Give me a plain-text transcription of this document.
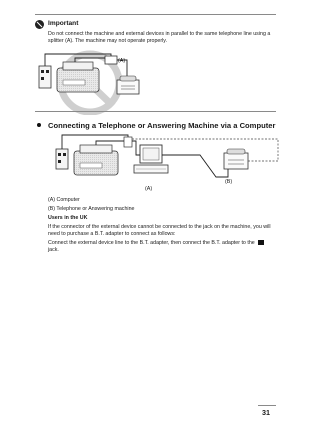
Important
Do not connect the machine and external devices in parallel to the same telephone line using a splitter (A). The machine may not operate properly.
(A)
Connecting a Telephone or Answering Machine via a Computer
(A)
(B)
(A) Computer
(B) Telephone or Answering machine
Users in the UK
If the connector of the external device cannot be connected to the jack on the machine, you will need to purchase a B.T. adapter to connect as follows:
Connect the external device line to the B.T. adapter, then connect the B.T. adapter to the
jack.
31
